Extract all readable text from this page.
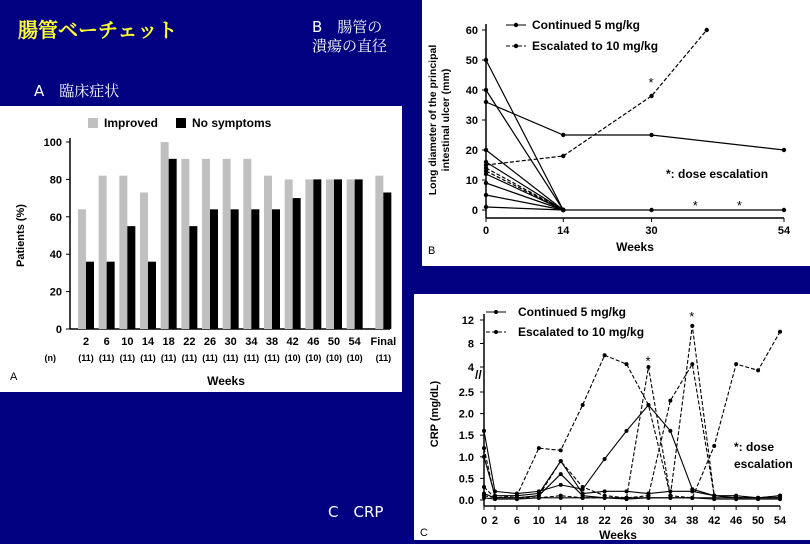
腸管ベーチェット
A　臨床症状
B　腸管の
潰瘍の直径
C　CRP
0
20
40
60
80
100
Patients (%)
2
(11)
6
(11)
10
(11)
14
(11)
18
(11)
22
(11)
26
(11)
30
(11)
34
(11)
38
(11)
42
(10)
46
(10)
50
(10)
54
(10)
Final
(11)
(n)
Weeks
A
Improved	No symptoms
0
10
20
30
40
50
60
0	14	30	54
Weeks
Long diameter of the principal intestinal ulcer (mm)	*
*	*
Continued 5 mg/kg
Escalated to 10 mg/kg
*: dose escalation
B
//
0.0
0.5
1.0
1.5
2.0
2.5
4
8
12
0 2 6 10 14 18 22 26 30 34 38 42 46 50 54
Weeks
CRP (mg/dL)
*
*
*
Continued 5 mg/kg
Escalated to 10 mg/kg
*: dose
escalation
C
